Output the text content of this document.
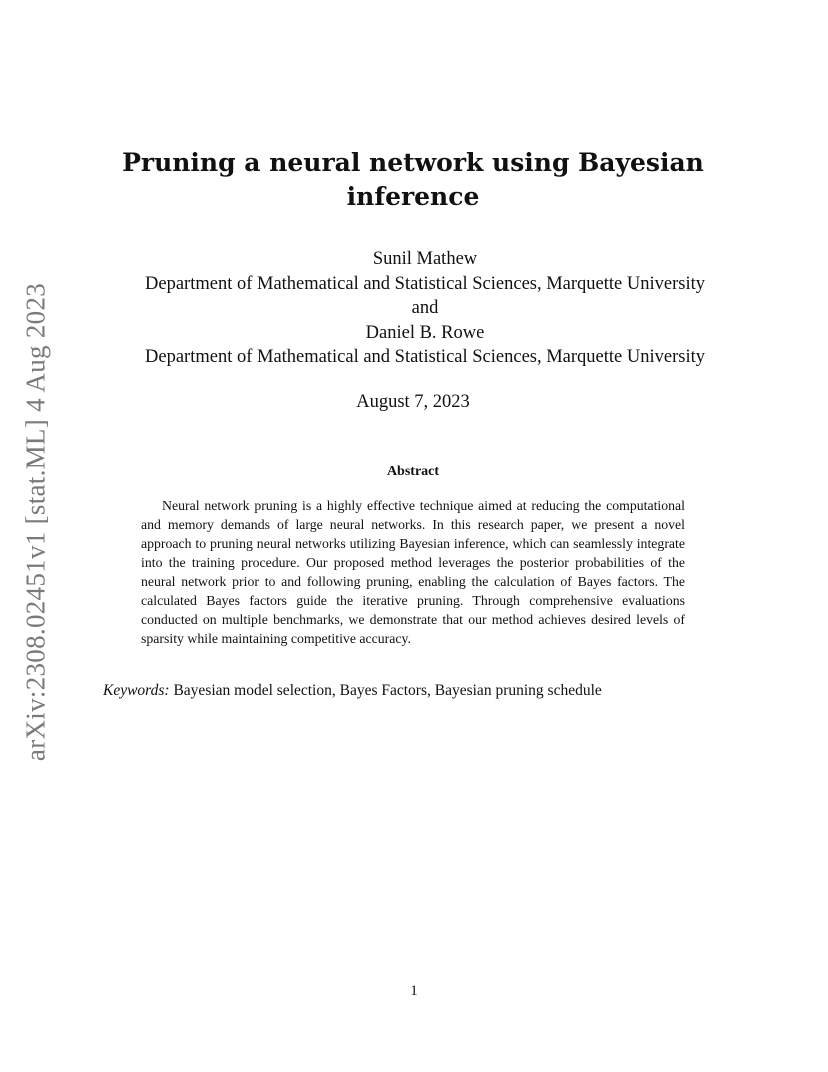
arXiv:2308.02451v1 [stat.ML] 4 Aug 2023
Pruning a neural network using Bayesian inference
Sunil Mathew
Department of Mathematical and Statistical Sciences, Marquette University
and
Daniel B. Rowe
Department of Mathematical and Statistical Sciences, Marquette University
August 7, 2023
Abstract

Neural network pruning is a highly effective technique aimed at reducing the computational and memory demands of large neural networks. In this research paper, we present a novel approach to pruning neural networks utilizing Bayesian inference, which can seamlessly integrate into the training procedure. Our proposed method leverages the posterior probabilities of the neural network prior to and following pruning, enabling the calculation of Bayes factors. The calculated Bayes factors guide the iterative pruning. Through comprehensive evaluations conducted on multiple benchmarks, we demonstrate that our method achieves desired levels of sparsity while maintaining competitive accuracy.

Keywords: Bayesian model selection, Bayes Factors, Bayesian pruning schedule
1
